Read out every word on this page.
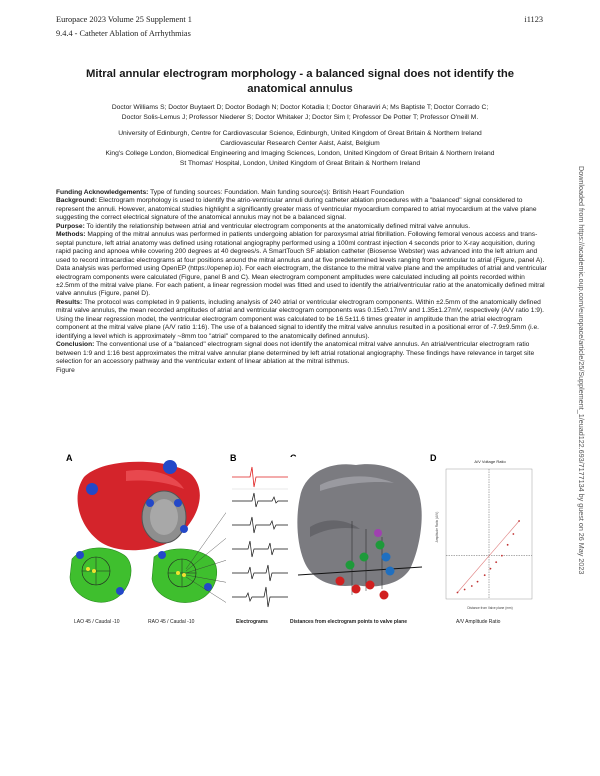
Europace 2023 Volume 25 Supplement 1	i1123
9.4.4 - Catheter Ablation of Arrhythmias
Mitral annular electrogram morphology - a balanced signal does not identify the anatomical annulus
Doctor Williams S; Doctor Buytaert D; Doctor Bodagh N; Doctor Kotadia I; Doctor Gharaviri A; Ms Baptiste T; Doctor Corrado C;
Doctor Solis-Lemus J; Professor Niederer S; Doctor Whitaker J; Doctor Sim I; Professor De Potter T; Professor O'neill M.
University of Edinburgh, Centre for Cardiovascular Science, Edinburgh, United Kingdom of Great Britain & Northern Ireland
Cardiovascular Research Center Aalst, Aalst, Belgium
King's College London, Biomedical Engineering and Imaging Sciences, London, United Kingdom of Great Britain & Northern Ireland
St Thomas' Hospital, London, United Kingdom of Great Britain & Northern Ireland

Funding Acknowledgements: Type of funding sources: Foundation. Main funding source(s): British Heart Foundation

Background: Electrogram morphology is used to identify the atrio-ventricular annuli during catheter ablation procedures with a "balanced" signal considered to represent the annuli. However, anatomical studies highlight a significantly greater mass of ventricular myocardium compared to atrial myocardium at the valve plane suggesting the correct electrical signature of the anatomical annulus may not be a balanced signal.

Purpose: To identify the relationship between atrial and ventricular electrogram components at the anatomically defined mitral valve annulus.

Methods: Mapping of the mitral annulus was performed in patients undergoing ablation for paroxysmal atrial fibrillation. Following femoral venous access and trans-septal puncture, left atrial anatomy was defined using rotational angiography performed using a 100ml contrast injection 4 seconds prior to X-ray acquisition, during rapid pacing and apnoea while covering 200 degrees at 40 degrees/s. A SmartTouch SF ablation catheter (Biosense Webster) was advanced into the left atrium and used to record intracardiac electrograms at four positions around the mitral annulus and at five predetermined levels ranging from ventricular to atrial (Figure, panel A). Data analysis was performed using OpenEP (https://openep.io). For each electrogram, the distance to the mitral valve plane and the amplitudes of atrial and ventricular electrogram components were calculated (Figure, panel B and C). Mean electrogram component amplitudes were calculated including all points recorded within ±2.5mm of the mitral valve plane. For each patient, a linear regression model was fitted and used to identify the atrial/ventricular ratio at the anatomically defined mitral valve annulus (Figure, panel D).

Results: The protocol was completed in 9 patients, including analysis of 240 atrial or ventricular electrogram components. Within ±2.5mm of the anatomically defined mitral valve annulus, the mean recorded amplitudes of atrial and ventricular electrogram components was 0.15±0.17mV and 1.35±1.27mV, respectively (A/V ratio 1:9). Using the linear regression model, the ventricular electrogram component was calculated to be 16.5±11.6 times greater in amplitude than the atrial electrogram component at the mitral valve plane (A/V ratio 1:16). The use of a balanced signal to identify the mitral valve annulus resulted in a positional error of -7.9±9.5mm (i.e. identifying a level which is approximately ~8mm too "atrial" compared to the anatomically defined annulus).

Conclusion: The conventional use of a "balanced" electrogram signal does not identify the anatomical mitral valve annulus. An atrial/ventricular electrogram ratio between 1:9 and 1:16 best approximates the mitral valve annular plane determined by left atrial rotational angiography. These findings have relevance in target site selection for an accessory pathway and the ventricular extent of linear ablation at the mitral isthmus.

Figure	Downloaded from https://academic.oup.com/europace/article/25/Supplement_1/euad122.693/7177134 by guest on 26 May 2023
A	B	D	A/V Voltage Ratio
Amplitude Ratio (A/V)
Distance from Valve plane (mm)
LAO 45 / Caudal -10	RAO 45 / Caudal -10	Electrograms	Distances from electrogram points to valve plane	A/V Amplitude Ratio
